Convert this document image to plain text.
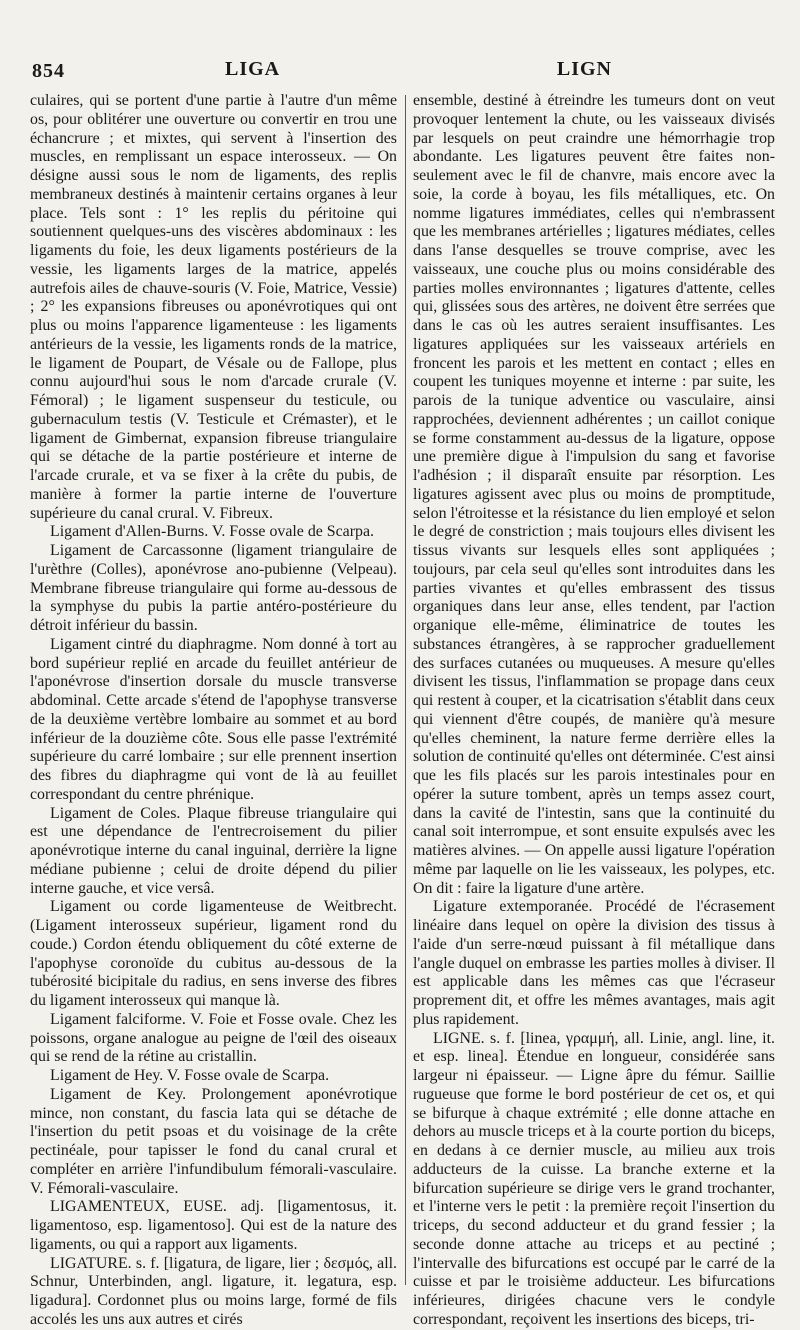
854	LIGA	LIGN

culaires, qui se portent d'une partie à l'autre d'un même os, pour oblitérer une ouverture ou convertir en trou une échancrure ; et mixtes, qui servent à l'insertion des muscles, en remplissant un espace interosseux. — On désigne aussi sous le nom de ligaments, des replis membraneux destinés à maintenir certains organes à leur place. Tels sont : 1° les replis du péritoine qui soutiennent quelques-uns des viscères abdominaux : les ligaments du foie, les deux ligaments postérieurs de la vessie, les ligaments larges de la matrice, appelés autrefois ailes de chauve-souris (V. Foie, Matrice, Vessie) ; 2° les expansions fibreuses ou aponévrotiques qui ont plus ou moins l'apparence ligamenteuse : les ligaments antérieurs de la vessie, les ligaments ronds de la matrice, le ligament de Poupart, de Vésale ou de Fallope, plus connu aujourd'hui sous le nom d'arcade crurale (V. Fémoral) ; le ligament suspenseur du testicule, ou gubernaculum testis (V. Testicule et Crémaster), et le ligament de Gimbernat, expansion fibreuse triangulaire qui se détache de la partie postérieure et interne de l'arcade crurale, et va se fixer à la crête du pubis, de manière à former la partie interne de l'ouverture supérieure du canal crural. V. Fibreux.

Ligament d'Allen-Burns. V. Fosse ovale de Scarpa.

Ligament de Carcassonne (ligament triangulaire de l'urèthre (Colles), aponévrose ano-pubienne (Velpeau). Membrane fibreuse triangulaire qui forme au-dessous de la symphyse du pubis la partie antéro-postérieure du détroit inférieur du bassin.

Ligament cintré du diaphragme. Nom donné à tort au bord supérieur replié en arcade du feuillet antérieur de l'aponévrose d'insertion dorsale du muscle transverse abdominal. Cette arcade s'étend de l'apophyse transverse de la deuxième vertèbre lombaire au sommet et au bord inférieur de la douzième côte. Sous elle passe l'extrémité supérieure du carré lombaire ; sur elle prennent insertion des fibres du diaphragme qui vont de là au feuillet correspondant du centre phrénique.

Ligament de Coles. Plaque fibreuse triangulaire qui est une dépendance de l'entrecroisement du pilier aponévrotique interne du canal inguinal, derrière la ligne médiane pubienne ; celui de droite dépend du pilier interne gauche, et vice versâ.

Ligament ou corde ligamenteuse de Weitbrecht. (Ligament interosseux supérieur, ligament rond du coude.) Cordon étendu obliquement du côté externe de l'apophyse coronoïde du cubitus au-dessous de la tubérosité bicipitale du radius, en sens inverse des fibres du ligament interosseux qui manque là.

Ligament falciforme. V. Foie et Fosse ovale. Chez les poissons, organe analogue au peigne de l'œil des oiseaux qui se rend de la rétine au cristallin.

Ligament de Hey. V. Fosse ovale de Scarpa.

Ligament de Key. Prolongement aponévrotique mince, non constant, du fascia lata qui se détache de l'insertion du petit psoas et du voisinage de la crête pectinéale, pour tapisser le fond du canal crural et compléter en arrière l'infundibulum fémorali-vasculaire. V. Fémorali-vasculaire.

LIGAMENTEUX, EUSE. adj. [ligamentosus, it. ligamentoso, esp. ligamentoso]. Qui est de la nature des ligaments, ou qui a rapport aux ligaments.

LIGATURE. s. f. [ligatura, de ligare, lier ; δεσμός, all. Schnur, Unterbinden, angl. ligature, it. legatura, esp. ligadura]. Cordonnet plus ou moins large, formé de fils accolés les uns aux autres et cirés

ensemble, destiné à étreindre les tumeurs dont on veut provoquer lentement la chute, ou les vaisseaux divisés par lesquels on peut craindre une hémorrhagie trop abondante. Les ligatures peuvent être faites non-seulement avec le fil de chanvre, mais encore avec la soie, la corde à boyau, les fils métalliques, etc. On nomme ligatures immédiates, celles qui n'embrassent que les membranes artérielles ; ligatures médiates, celles dans l'anse desquelles se trouve comprise, avec les vaisseaux, une couche plus ou moins considérable des parties molles environnantes ; ligatures d'attente, celles qui, glissées sous des artères, ne doivent être serrées que dans le cas où les autres seraient insuffisantes. Les ligatures appliquées sur les vaisseaux artériels en froncent les parois et les mettent en contact ; elles en coupent les tuniques moyenne et interne : par suite, les parois de la tunique adventice ou vasculaire, ainsi rapprochées, deviennent adhérentes ; un caillot conique se forme constamment au-dessus de la ligature, oppose une première digue à l'impulsion du sang et favorise l'adhésion ; il disparaît ensuite par résorption. Les ligatures agissent avec plus ou moins de promptitude, selon l'étroitesse et la résistance du lien employé et selon le degré de constriction ; mais toujours elles divisent les tissus vivants sur lesquels elles sont appliquées ; toujours, par cela seul qu'elles sont introduites dans les parties vivantes et qu'elles embrassent des tissus organiques dans leur anse, elles tendent, par l'action organique elle-même, éliminatrice de toutes les substances étrangères, à se rapprocher graduellement des surfaces cutanées ou muqueuses. A mesure qu'elles divisent les tissus, l'inflammation se propage dans ceux qui restent à couper, et la cicatrisation s'établit dans ceux qui viennent d'être coupés, de manière qu'à mesure qu'elles cheminent, la nature ferme derrière elles la solution de continuité qu'elles ont déterminée. C'est ainsi que les fils placés sur les parois intestinales pour en opérer la suture tombent, après un temps assez court, dans la cavité de l'intestin, sans que la continuité du canal soit interrompue, et sont ensuite expulsés avec les matières alvines. — On appelle aussi ligature l'opération même par laquelle on lie les vaisseaux, les polypes, etc. On dit : faire la ligature d'une artère.

Ligature extemporanée. Procédé de l'écrasement linéaire dans lequel on opère la division des tissus à l'aide d'un serre-nœud puissant à fil métallique dans l'angle duquel on embrasse les parties molles à diviser. Il est applicable dans les mêmes cas que l'écraseur proprement dit, et offre les mêmes avantages, mais agit plus rapidement.

LIGNE. s. f. [linea, γραμμή, all. Linie, angl. line, it. et esp. linea]. Étendue en longueur, considérée sans largeur ni épaisseur. — Ligne âpre du fémur. Saillie rugueuse que forme le bord postérieur de cet os, et qui se bifurque à chaque extrémité ; elle donne attache en dehors au muscle triceps et à la courte portion du biceps, en dedans à ce dernier muscle, au milieu aux trois adducteurs de la cuisse. La branche externe et la bifurcation supérieure se dirige vers le grand trochanter, et l'interne vers le petit : la première reçoit l'insertion du triceps, du second adducteur et du grand fessier ; la seconde donne attache au triceps et au pectiné ; l'intervalle des bifurcations est occupé par le carré de la cuisse et par le troisième adducteur. Les bifurcations inférieures, dirigées chacune vers le condyle correspondant, reçoivent les insertions des biceps, tri-
